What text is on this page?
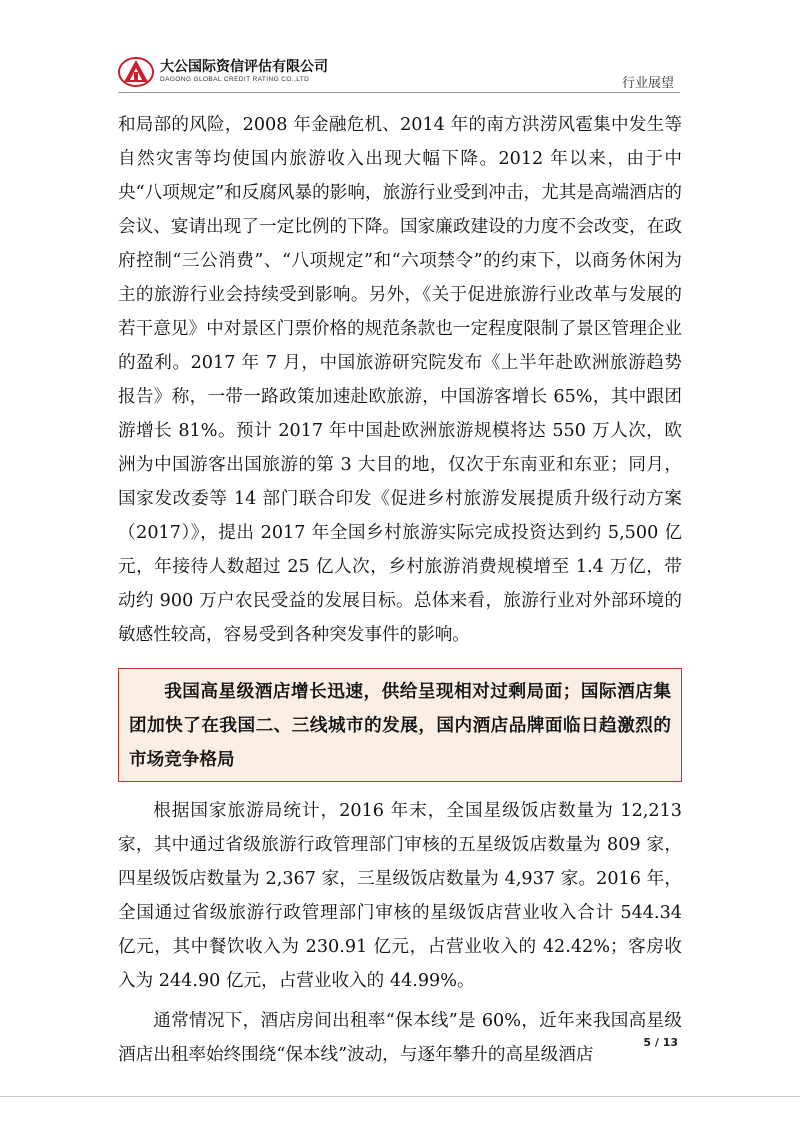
大公国际资信评估有限公司
DAGONG GLOBAL CREDIT RATING CO.,LTD	行业展望

和局部的风险，2008 年金融危机、2014 年的南方洪涝风雹集中发生等自然灾害等均使国内旅游收入出现大幅下降。2012 年以来，由于中央“八项规定”和反腐风暴的影响，旅游行业受到冲击，尤其是高端酒店的会议、宴请出现了一定比例的下降。国家廉政建设的力度不会改变，在政府控制“三公消费”、“八项规定”和“六项禁令”的约束下，以商务休闲为主的旅游行业会持续受到影响。另外，《关于促进旅游行业改革与发展的若干意见》中对景区门票价格的规范条款也一定程度限制了景区管理企业的盈利。2017 年 7 月，中国旅游研究院发布《上半年赴欧洲旅游趋势报告》称，一带一路政策加速赴欧旅游，中国游客增长 65%，其中跟团游增长 81%。预计 2017 年中国赴欧洲旅游规模将达 550 万人次，欧洲为中国游客出国旅游的第 3 大目的地，仅次于东南亚和东亚；同月，国家发改委等 14 部门联合印发《促进乡村旅游发展提质升级行动方案（2017）》，提出 2017 年全国乡村旅游实际完成投资达到约 5,500 亿元，年接待人数超过 25 亿人次，乡村旅游消费规模增至 1.4 万亿，带动约 900 万户农民受益的发展目标。总体来看，旅游行业对外部环境的敏感性较高，容易受到各种突发事件的影响。

我国高星级酒店增长迅速，供给呈现相对过剩局面；国际酒店集团加快了在我国二、三线城市的发展，国内酒店品牌面临日趋激烈的市场竞争格局

根据国家旅游局统计，2016 年末，全国星级饭店数量为 12,213 家，其中通过省级旅游行政管理部门审核的五星级饭店数量为 809 家，四星级饭店数量为 2,367 家，三星级饭店数量为 4,937 家。2016 年，全国通过省级旅游行政管理部门审核的星级饭店营业收入合计 544.34 亿元，其中餐饮收入为 230.91 亿元，占营业收入的 42.42%；客房收入为 244.90 亿元，占营业收入的 44.99%。

通常情况下，酒店房间出租率“保本线”是 60%，近年来我国高星级酒店出租率始终围绕“保本线”波动，与逐年攀升的高星级酒店

5 / 13
